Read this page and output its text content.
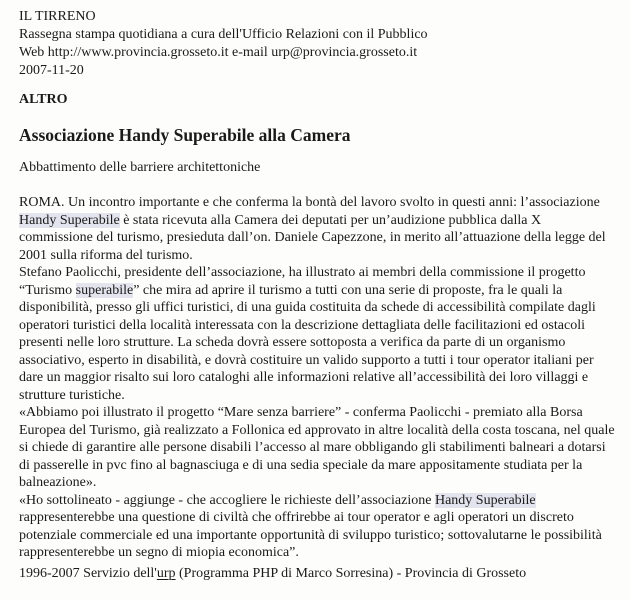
IL TIRRENO
Rassegna stampa quotidiana a cura dell'Ufficio Relazioni con il Pubblico
Web http://www.provincia.grosseto.it e-mail urp@provincia.grosseto.it
2007-11-20
ALTRO
Associazione Handy Superabile alla Camera
Abbattimento delle barriere architettoniche
ROMA. Un incontro importante e che conferma la bontà del lavoro svolto in questi anni: l’associazione
Handy Superabile è stata ricevuta alla Camera dei deputati per un’audizione pubblica dalla X
commissione del turismo, presieduta dall’on. Daniele Capezzone, in merito all’attuazione della legge del
2001 sulla riforma del turismo.
Stefano Paolicchi, presidente dell’associazione, ha illustrato ai membri della commissione il progetto
“Turismo superabile” che mira ad aprire il turismo a tutti con una serie di proposte, fra le quali la
disponibilità, presso gli uffici turistici, di una guida costituita da schede di accessibilità compilate dagli
operatori turistici della località interessata con la descrizione dettagliata delle facilitazioni ed ostacoli
presenti nelle loro strutture. La scheda dovrà essere sottoposta a verifica da parte di un organismo
associativo, esperto in disabilità, e dovrà costituire un valido supporto a tutti i tour operator italiani per
dare un maggior risalto sui loro cataloghi alle informazioni relative all’accessibilità dei loro villaggi e
strutture turistiche.
«Abbiamo poi illustrato il progetto “Mare senza barriere” - conferma Paolicchi - premiato alla Borsa
Europea del Turismo, già realizzato a Follonica ed approvato in altre località della costa toscana, nel quale
si chiede di garantire alle persone disabili l’accesso al mare obbligando gli stabilimenti balneari a dotarsi
di passerelle in pvc fino al bagnasciuga e di una sedia speciale da mare appositamente studiata per la
balneazione».
«Ho sottolineato - aggiunge - che accogliere le richieste dell’associazione Handy Superabile
rappresenterebbe una questione di civiltà che offrirebbe ai tour operator e agli operatori un discreto
potenziale commerciale ed una importante opportunità di sviluppo turistico; sottovalutarne le possibilità
rappresenterebbe un segno di miopia economica”.
1996-2007 Servizio dell'urp (Programma PHP di Marco Sorresina) - Provincia di Grosseto
